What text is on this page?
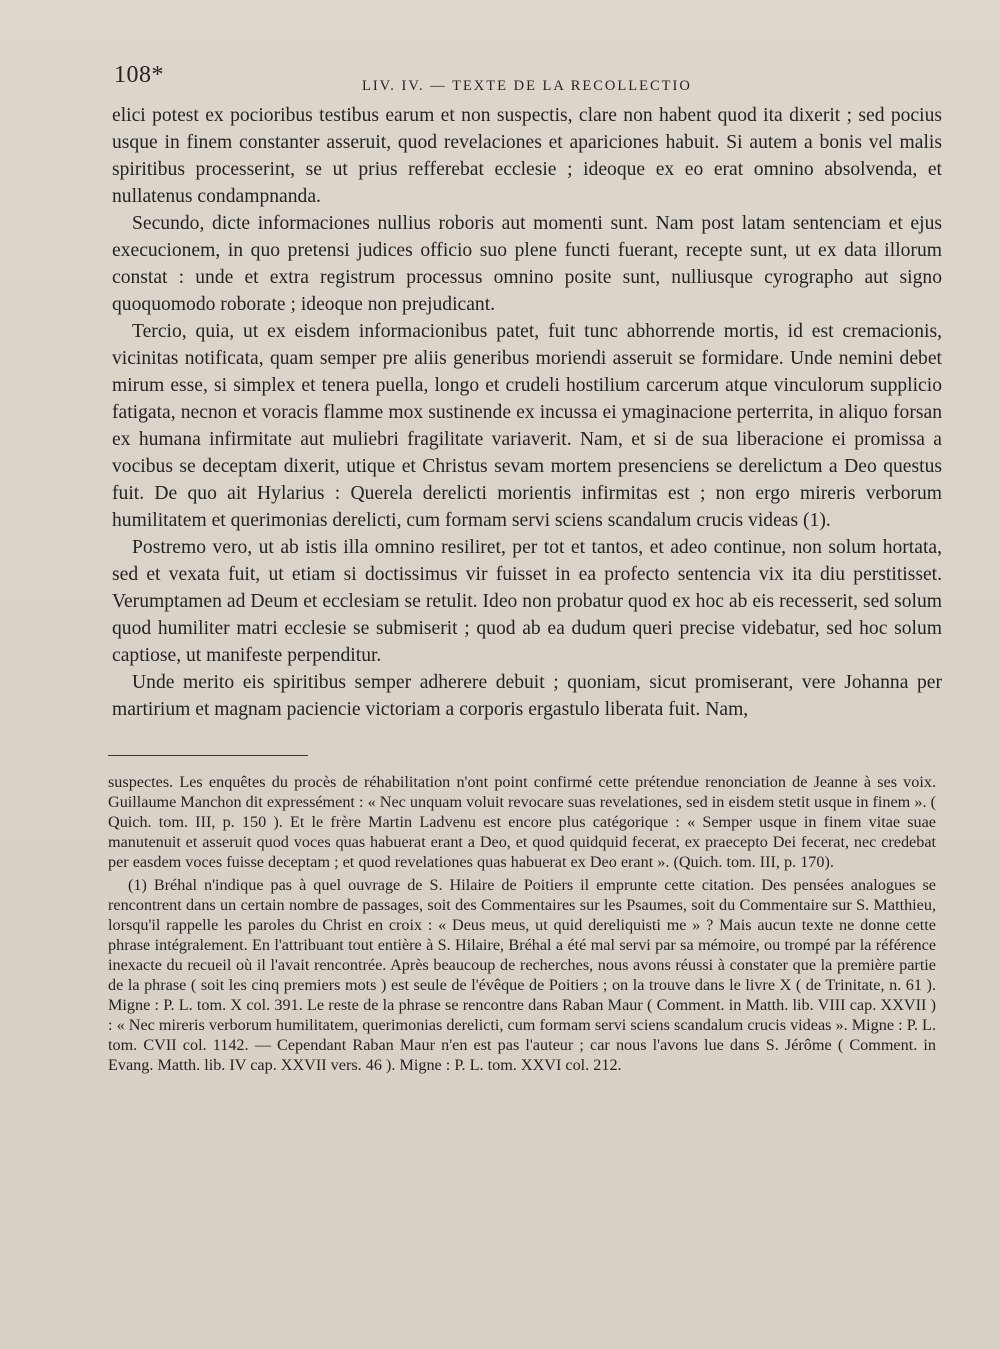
108*	LIV. IV. — TEXTE DE LA RECOLLECTIO

elici potest ex pocioribus testibus earum et non suspectis, clare non habent quod ita dixerit ; sed pocius usque in finem constanter asseruit, quod revelaciones et apariciones habuit. Si autem a bonis vel malis spiritibus processerint, se ut prius refferebat ecclesie ; ideoque ex eo erat omnino absolvenda, et nullatenus condampnanda.

Secundo, dicte informaciones nullius roboris aut momenti sunt. Nam post latam sentenciam et ejus execucionem, in quo pretensi judices officio suo plene functi fuerant, recepte sunt, ut ex data illorum constat : unde et extra registrum processus omnino posite sunt, nulliusque cyrographo aut signo quoquomodo roborate ; ideoque non prejudicant.

Tercio, quia, ut ex eisdem informacionibus patet, fuit tunc abhorrende mortis, id est cremacionis, vicinitas notificata, quam semper pre aliis generibus moriendi asseruit se formidare. Unde nemini debet mirum esse, si simplex et tenera puella, longo et crudeli hostilium carcerum atque vinculorum supplicio fatigata, necnon et voracis flamme mox sustinende ex incussa ei ymaginacione perterrita, in aliquo forsan ex humana infirmitate aut muliebri fragilitate variaverit. Nam, et si de sua liberacione ei promissa a vocibus se deceptam dixerit, utique et Christus sevam mortem presenciens se derelictum a Deo questus fuit. De quo ait Hylarius : Querela derelicti morientis infirmitas est ; non ergo mireris verborum humilitatem et querimonias derelicti, cum formam servi sciens scandalum crucis videas (1).

Postremo vero, ut ab istis illa omnino resiliret, per tot et tantos, et adeo continue, non solum hortata, sed et vexata fuit, ut etiam si doctissimus vir fuisset in ea profecto sentencia vix ita diu perstitisset. Verumptamen ad Deum et ecclesiam se retulit. Ideo non probatur quod ex hoc ab eis recesserit, sed solum quod humiliter matri ecclesie se submiserit ; quod ab ea dudum queri precise videbatur, sed hoc solum captiose, ut manifeste perpenditur.

Unde merito eis spiritibus semper adherere debuit ; quoniam, sicut promiserant, vere Johanna per martirium et magnam paciencie victoriam a corporis ergastulo liberata fuit. Nam,

suspectes. Les enquêtes du procès de réhabilitation n'ont point confirmé cette prétendue renonciation de Jeanne à ses voix. Guillaume Manchon dit expressément : « Nec unquam voluit revocare suas revelationes, sed in eisdem stetit usque in finem ». ( Quich. tom. III, p. 150 ). Et le frère Martin Ladvenu est encore plus catégorique : « Semper usque in finem vitae suae manutenuit et asseruit quod voces quas habuerat erant a Deo, et quod quidquid fecerat, ex praecepto Dei fecerat, nec credebat per easdem voces fuisse deceptam ; et quod revelationes quas habuerat ex Deo erant ». (Quich. tom. III, p. 170).

(1) Bréhal n'indique pas à quel ouvrage de S. Hilaire de Poitiers il emprunte cette citation. Des pensées analogues se rencontrent dans un certain nombre de passages, soit des Commentaires sur les Psaumes, soit du Commentaire sur S. Matthieu, lorsqu'il rappelle les paroles du Christ en croix : « Deus meus, ut quid dereliquisti me » ? Mais aucun texte ne donne cette phrase intégralement. En l'attribuant tout entière à S. Hilaire, Bréhal a été mal servi par sa mémoire, ou trompé par la référence inexacte du recueil où il l'avait rencontrée. Après beaucoup de recherches, nous avons réussi à constater que la première partie de la phrase ( soit les cinq premiers mots ) est seule de l'évêque de Poitiers ; on la trouve dans le livre X ( de Trinitate, n. 61 ). Migne : P. L. tom. X col. 391. Le reste de la phrase se rencontre dans Raban Maur ( Comment. in Matth. lib. VIII cap. XXVII ) : « Nec mireris verborum humilitatem, querimonias derelicti, cum formam servi sciens scandalum crucis videas ». Migne : P. L. tom. CVII col. 1142. — Cependant Raban Maur n'en est pas l'auteur ; car nous l'avons lue dans S. Jérôme ( Comment. in Evang. Matth. lib. IV cap. XXVII vers. 46 ). Migne : P. L. tom. XXVI col. 212.
